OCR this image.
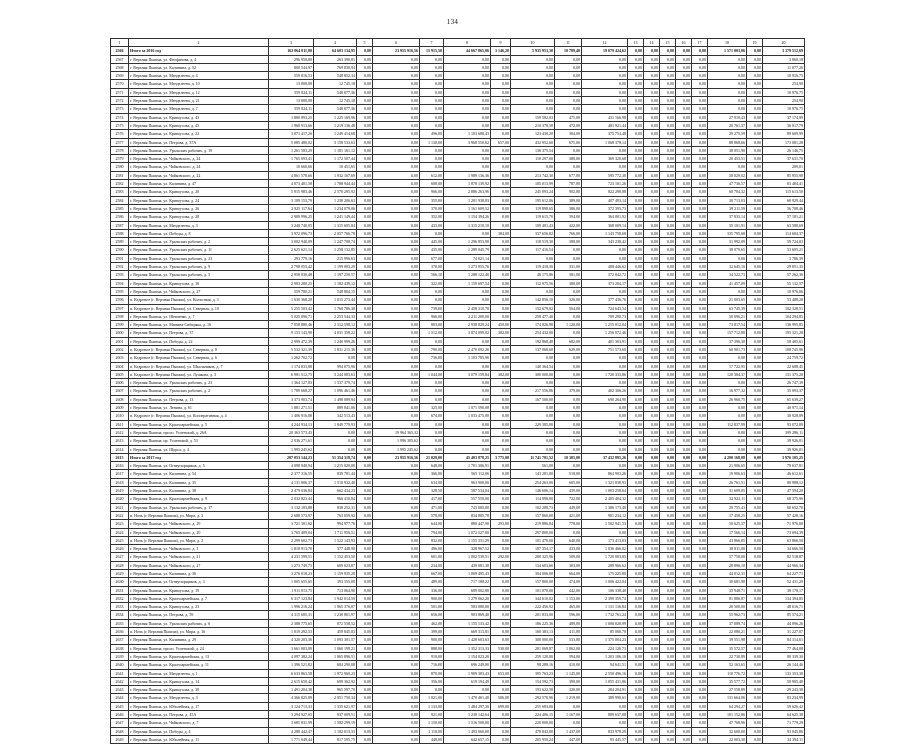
134
1	2	3	4	5	6	7	8	9	10	11	12	13	14	15	16	17	18	19	20
2566	Итого за 2016 год	162 064 011,80	64 603 134,95	0,00	23 955 916,56	15 915,50	44 667 865,06	3 146,20	5 935 953,30	10 789,40	19 079 424,62	0,00	0,00	0,00	0,00	0,00	1 571 003,06	0,00	3 379 512,69
2567	г. Верхняя Пышма, ул. Феофанова, д. 4	296 950,80	263 390,81	0,00	0,00	0,00	0,00	0,00	0,00	0,00	0,00	0,00	0,00	0,00	0,00	0,00	0,00	0,00	3 860,18
2568	г. Верхняя Пышма, ул. Калинина, д. 52	800 544,97	769 830,94	0,00	0,00	0,00	0,00	0,00	0,00	0,00	0,00	0,00	0,00	0,00	0,00	0,00	0,00	0,00	11 077,26
2569	г. Верхняя Пышма, ул. Менделеева, д. 4	559 016,53	548 852,34	0,00	0,00	0,00	0,00	0,00	0,00	0,00	0,00	0,00	0,00	0,00	0,00	0,00	0,00	0,00	10 916,75
2570	г. Верхняя Пышма, ул. Менделеева, д. 10	13 000,08	12 745,18	0,00	0,00	0,00	0,00	0,00	0,00	0,00	0,00	0,00	0,00	0,00	0,00	0,00	0,00	0,00	254,90
2571	г. Верхняя Пышма, ул. Менделеева, д. 12	559 824,11	548 877,36	0,00	0,00	0,00	0,00	0,00	0,00	0,00	0,00	0,00	0,00	0,00	0,00	0,00	0,00	0,00	10 976,75
2572	г. Верхняя Пышма, ул. Менделеева, д. 21	13 000,08	12 745,18	0,00	0,00	0,00	0,00	0,00	0,00	0,00	0,00	0,00	0,00	0,00	0,00	0,00	0,00	0,00	254,90
2573	г. Верхняя Пышма, ул. Менделеева, д. 7	559 824,11	548 877,36	0,00	0,00	0,00	0,00	0,00	0,00	0,00	0,00	0,00	0,00	0,00	0,00	0,00	0,00	0,00	10 976,75
2574	г. Верхняя Пышма, ул. Кривоусова, д. 43	1 880 893,25	1 225 169,96	0,00	0,00	0,00	0,00	0,00	159 582,03	475,00	431 166,98	0,00	0,00	0,00	0,00	0,00	27 910,43	0,00	37 174,99
2575	г. Верхняя Пышма, ул. Кривоусова, д. 45	1 968 913,66	1 219 136,48	0,00	0,00	0,00	0,00	0,00	210 378,58	472,00	481 921,44	0,00	0,00	0,00	0,00	0,00	20 761,37	0,00	36 017,79
2576	г. Верхняя Пышма, ул. Кривоусова, д. 22	3 071 417,26	1 249 414,68	0,00	0,00	496,00	1 103 688,43	0,00	123 430,20	384,00	375 754,48	0,00	0,00	0,00	0,00	0,00	29 275,59	0,00	89 609,99
2577	г. Верхняя Пышма, ул. Петрова, д. 37А	5 085 480,02	3 158 533,63	0,00	0,00	1 130,00	3 968 550,62	657,00	432 952,60	675,00	1 068 378,14	0,00	0,00	0,00	0,00	0,00	88 868,66	0,00	173 081,28
2578	г. Верхняя Пышма, ул. Уральских рабочих, д. 19	1 261 583,29	1 181 161,12	0,00	0,00	0,00	0,00	0,00	136 375,54	0,00	0,00	0,00	0,00	0,00	0,00	0,00	38 051,90	0,00	26 146,75
2579	г. Верхняя Пышма, ул. Чайковского, д. 24	1 765 093,41	1 172 507,44	0,00	0,00	0,00	0,00	0,00	110 297,00	380,00	369 320,68	0,00	0,00	0,00	0,00	0,00	20 453,51	0,00	37 631,70
2580	г. Верхняя Пышма, ул. Чайковского, д. 24	10 660,66	10 451,65	0,00	0,00	0,00	0,00	0,00	0,00	0,00	0,00	0,00	0,00	0,00	0,00	0,00	0,00	0,00	209,01
2581	г. Верхняя Пышма, ул. Чайковского, д. 22	4 861 578,66	1 932 167,69	0,00	0,00	612,00	1 989 136,36	0,00	213 742,30	677,00	595 772,30	0,00	0,00	0,00	0,00	0,00	50 029,02	0,00	85 955,90
2582	г. Верхняя Пышма, ул. Калинина, д. 47	4 073 401,58	1 788 944,44	0,00	0,00	608,00	1 878 139,92	0,00	105 013,99	787,00	723 101,26	0,00	0,00	0,00	0,00	0,00	47 736,57	0,00	83 484,41
2583	г. Верхняя Пышма, ул. Кривоусова, д. 20	5 915 983,46	2 570 295,92	0,00	0,00	966,00	2 886 263,96	0,00	245 093,24	902,00	822 298,88	0,00	0,00	0,00	0,00	0,00	60 704,32	0,00	115 613,50
2584	г. Верхняя Пышма, ул. Кривоусова, д. 24	3 109 153,79	1 238 206,63	0,00	0,00	355,00	1 201 938,83	0,00	195 612,06	389,00	407 493,14	0,00	0,00	0,00	0,00	0,00	30 713,03	0,00	60 929,44
2585	г. Верхняя Пышма, ул. Кривоусова, д. 26	2 925 117,64	1 234 079,06	0,00	0,00	370,00	1 161 609,52	0,00	119 898,65	386,00	372 395,73	0,00	0,00	0,00	0,00	0,00	39 211,59	0,00	56 708,46
2586	г. Верхняя Пышма, ул. Кривоусова, д. 28	2 909 996,25	1 241 149,44	0,00	0,00	352,00	1 154 394,26	0,00	119 615,70	394,00	364 001,92	0,00	0,00	0,00	0,00	0,00	37 833,14	0,00	57 181,21
2587	г. Верхняя Пышма, ул. Менделеева, д. 3	3 240 740,05	1 315 605,84	0,00	0,00	433,00	1 315 210,10	0,00	109 401,43	422,00	368 009,14	0,00	0,00	0,00	0,00	0,00	35 101,91	0,00	63 588,69
2588	г. Верхняя Пышма, ул. Победы, д. 8	3 972 096,73	2 057 766,78	0,00	0,00	0,00	0,00	384,00	337 656,82	766,00	1 143 758,68	0,00	0,00	0,00	0,00	0,00	335 795,68	0,00	114 684,37
2589	г. Верхняя Пышма, ул. Уральских рабочих, д. 2	3 002 940,09	1 247 708,74	0,00	0,00	445,00	1 296 853,90	0,00	118 519,30	388,00	343 238,42	0,00	0,00	0,00	0,00	0,00	31 992,09	0,00	59 724,03
2590	г. Верхняя Пышма, ул. Уральских рабочих, д. 11	2 625 621,14	1 258 132,85	0,00	0,00	435,00	1 289 045,79	0,00	117 416,54	0,00	0,00	0,00	0,00	0,00	0,00	0,00	38 079,65	0,00	53 605,21
2591	г. Верхняя Пышма, ул. Уральских рабочих, д. 23	293 779,16	215 996,63	0,00	0,00	677,00	74 021,14	0,00	0,00	0,00	0,00	0,00	0,00	0,00	0,00	0,00	0,00	0,00	3 786,39
2592	г. Верхняя Пышма, ул. Уральских рабочих, д. 9	2 798 053,42	1 199 003,29	0,00	0,00	370,00	1 273 955,76	0,00	119 418,30	331,00	408 446,62	0,00	0,00	0,00	0,00	0,00	32 645,10	0,00	29 851,35
2593	г. Верхняя Пышма, ул. Уральских рабочих, д. 5	2 958 030,48	1 197 250,57	0,00	0,00	566,10	1 288 122,40	0,00	46 175,86	381,00	372 842,72	0,00	0,00	0,00	0,00	0,00	34 522,73	0,00	57 262,36
2594	г. Верхняя Пышма, ул. Кривоусова, д. 16	2 903 280,25	1 182 439,12	0,00	0,00	322,00	1 159 697,54	0,00	112 975,56	380,00	373 204,17	0,00	0,00	0,00	0,00	0,00	41 457,09	0,00	55 132,57
2595	г. Верхняя Пышма, ул. Чайковского, д. 27	559 780,21	548 804,15	0,00	0,00	0,00	0,00	0,00	0,00	0,00	0,00	0,00	0,00	0,00	0,00	0,00	0,00	0,00	10 976,06
2596	п. Кедровое (г. Верхняя Пышма), ул. Колхозная, д. 3	1 630 368,28	1 015 273,44	0,00	0,00	0,00	0,00	0,00	142 856,10	326,00	377 436,76	0,00	0,00	0,00	0,00	0,00	21 003,65	0,00	53 488,20
2597	п. Кедровое (г. Верхняя Пышма), ул. Северная, д. 10	5 255 503,42	1 760 786,38	0,00	0,00	739,00	2 458 310,78	0,00	152 679,02	564,00	724 643,54	0,00	0,00	0,00	0,00	0,00	63 745,39	0,00	102 328,51
2598	г. Верхняя Пышма, ул. Шевченко, д. 7	5 025 096,71	2 253 544,33	0,00	0,00	966,00	2 211 200,00	0,00	258 477,40	0,00	709 290,73	0,00	0,00	0,00	0,00	0,00	50 696,21	0,00	104 294,85
2599	г. Верхняя Пышма, ул. Мамина-Сибиряка, д. 16	7 058 880,46	2 312 598,12	0,00	0,00	803,00	2 938 829,24	450,00	174 826,98	1 120,00	1 215 012,04	0,00	0,00	0,00	0,00	0,00	73 817,54	0,00	136 995,85
2600	г. Верхняя Пышма, ул. Петрова, д. 37	9 153 143,90	4 031 358,22	0,00	0,00	1 512,00	3 874 099,02	302,00	254 432,00	0,00	1 256 072,46	0,00	0,00	0,00	0,00	0,00	157 712,88	0,00	195 321,28
2601	г. Верхняя Пышма, ул. Победы, д. 22	2 999 472,39	1 240 999,26	0,00	0,00	0,00	0,00	0,00	192 868,48	682,00	401 303,91	0,00	0,00	0,00	0,00	0,00	37 396,30	0,00	58 405,61
2602	п. Кедровое (г. Верхняя Пышма), ул. Северная, д. 8	5 532 321,39	1 831 215,36	0,00	0,00	790,00	2 470 092,26	0,00	137 068,60	629,00	751 573,60	0,00	0,00	0,00	0,00	0,00	60 901,73	0,00	108 745,96
2603	п. Кедровое (г. Верхняя Пышма), ул. Северная, д. 6	1 262 702,72	0,00	0,00	0,00	736,00	1 103 785,96	0,00	0,00	0,00	0,00	0,00	0,00	0,00	0,00	0,00	0,00	0,00	24 759,72
2604	п. Кедровое (г. Верхняя Пышма), ул. Школьников, д. 7	1 174 833,88	994 075,96	0,00	0,00	0,00	0,00	0,00	140 364,54	0,00	0,00	0,00	0,00	0,00	0,00	0,00	17 722,95	0,00	22 688,45
2605	п. Кедровое (г. Верхняя Пышма), ул. Лушкова, д. 3	6 981 512,75	3 244 083,63	0,00	0,00	1 044,00	3 079 159,84	302,00	300 000,00	0,00	1 720 333,86	0,00	0,00	0,00	0,00	0,00	120 384,37	0,00	131 375,20
2606	г. Верхняя Пышма, ул. Уральских рабочих, д. 23	1 364 127,83	1 337 379,74	0,00	0,00	0,00	0,00	0,00	0,00	0,00	0,00	0,00	0,00	0,00	0,00	0,00	0,00	0,00	26 747,39
2607	г. Верхняя Пышма, ул. Уральских рабочих, д. 2	1 789 668,27	1 096 461,46	0,00	0,00	0,00	0,00	0,00	217 556,86	379,00	402 306,26	0,00	0,00	0,00	0,00	0,00	16 977,32	0,00	35 093,37
2608	г. Верхняя Пышма, ул. Петрова, д. 13	3 373 903,74	1 498 089,94	0,00	0,00	0,00	0,00	0,00	167 500,00	0,00	690 264,90	0,00	0,00	0,00	0,00	0,00	26 960,75	0,00	65 639,27
2609	г. Верхняя Пышма, ул. Ленина, д. 61	1 881 271,51	889 841,06	0,00	0,00	325,00	1 071 590,08	0,00	0,00	0,00	0,00	0,00	0,00	0,00	0,00	0,00	0,00	0,00	40 971,14
2610	п. Кедровое (г. Верхняя Пышма), ул. Кооперативная, д. 4	1 406 916,88	342 513,43	0,00	0,00	674,00	1 033 475,00	0,00	0,00	0,00	0,00	0,00	0,00	0,00	0,00	0,00	0,00	0,00	30 928,89
2611	г. Верхняя Пышма, ул. Красноармейская, д. 5	4 244 934,13	1 849 779,93	0,00	0,00	0,00	0,00	0,00	229 385,00	0,00	0,00	0,00	0,00	0,00	0,00	0,00	112 837,99	0,00	93 072,09
2612	г. Верхняя Пышма, просп. Успенский, д. 26А	20 363 573,43	0,00	0,00	19 964 365,32	0,00	0,00	0,00	0,00	0,00	0,00	0,00	0,00	0,00	0,00	0,00	0,00	0,00	399 286,11
2613	г. Верхняя Пышма, пр. Успенский, д. 53	2 036 271,61	0,00	0,00	1 996 305,62	0,00	0,00	0,00	0,00	0,00	0,00	0,00	0,00	0,00	0,00	0,00	0,00	0,00	39 926,01
2614	г. Верхняя Пышма, ул. Щорса, д. 4	1 995 245,62	0,00	0,00	1 995 245,62	0,00	0,00	0,00	0,00	0,00	0,00	0,00	0,00	0,00	0,00	0,00	0,00	0,00	39 926,01
2615	Итого за 2017 год	207 053 144,23	51 354 318,74	0,00	23 955 916,56	21 029,00	45 403 878,25	3 775,00	11 741 701,52	10 305,00	37 432 895,26	0,00	0,00	0,00	0,00	0,00	4 200 168,08	0,00	3 976 105,25
2616	г. Верхняя Пышма, ул. Огнеупорщиков, д. 5	4 098 940,94	1 215 020,00	0,00	0,00	648,00	1 701 306,91	0,00	561,00	0,00	0,00	0,00	0,00	0,00	0,00	0,00	21 906,65	0,00	79 637,81
2617	г. Верхняя Пышма, ул. Калинина, д. 54	2 377 316,55	839 781,44	0,00	0,00	366,00	565 112,06	0,00	143 281,00	518,00	864 903,26	0,00	0,00	0,00	0,00	0,00	19 906,63	0,00	46 612,61
2618	г. Верхняя Пышма, ул. Калинина, д. 35	4 131 806,37	1 510 932,48	0,00	0,00	634,00	963 900,00	0,00	254 263,00	605,00	1 321 038,93	0,00	0,00	0,00	0,00	0,00	26 761,51	0,00	80 988,12
2619	г. Верхняя Пышма, ул. Калинина, д. 38	2 479 036,84	662 434,23	0,00	0,00	328,50	587 534,04	0,00	146 606,14	439,00	1 003 258,64	0,00	0,00	0,00	0,00	0,00	31 609,05	0,00	47 594,20
2620	г. Верхняя Пышма, ул. Красноармейская, д. 9	2 032 823,44	966 410,84	0,00	0,00	417,00	557 550,00	0,00	114 096,00	722,00	2 405 404,32	0,00	0,00	0,00	0,00	0,00	32 922,11	0,00	68 375,96
2621	г. Верхняя Пышма, ул. Уральских рабочих, д. 17	3 132 183,88	838 252,31	0,00	0,00	471,00	743 085,00	0,00	102 280,73	449,00	1 386 173,40	0,00	0,00	0,00	0,00	0,00	29 755,43	0,00	60 652,70
2622	п. Ночь (г. Верхняя Пышма), ул. Мира, д. 3	2 688 573,97	763 059,92	0,00	0,00	578,00	834 885,78	0,00	157 860,00	421,00	901 234,12	0,00	0,00	0,00	0,00	0,00	17 458,25	0,00	57 428,16
2623	г. Верхняя Пышма, ул. Чайковского, д. 29	3 721 301,62	994 977,76	0,00	0,00	644,00	880 447,90	293,00	219 886,84	778,00	1 502 941,53	0,00	0,00	0,00	0,00	0,00	50 625,37	0,00	71 976,00
2624	г. Верхняя Пышма, ул. Чайковского, д. 20	3 765 409,04	1 711 956,51	0,00	0,00	794,00	1 072 527,00	0,00	297 800,00	0,00	0,00	0,00	0,00	0,00	0,00	0,00	17 566,14	0,00	73 694,39
2625	п. Ночь (г. Верхняя Пышма), ул. Мира, д. 2	2 299 602,73	1 522 143,93	0,00	0,00	832,00	1 155 331,29	0,00	101 470,00	640,00	173 413,03	0,00	0,00	0,00	0,00	0,00	43 866,05	0,00	63 866,50
2626	г. Верхняя Пышма, ул. Чайковского, д. 1	1 810 913,70	377 448,90	0,00	0,00	496,00	328 967,52	0,00	187 354,17	433,00	1 036 466,02	0,00	0,00	0,00	0,00	0,00	38 811,00	0,00	34 666,50
2627	г. Верхняя Пышма, ул. Чайковского, д. 21	4 231 599,51	1 152 453,50	0,00	0,00	601,00	1 002 539,51	292,00	200 325,96	509,00	1 720 003,85	0,00	0,00	0,00	0,00	0,00	57 750,00	0,00	82 518,87
2628	г. Верхняя Пышма, ул. Чайковского, д. 27	1 273 749,75	609 023,87	0,00	0,00	234,00	439 081,38	0,00	134 603,66	303,00	289 966,62	0,00	0,00	0,00	0,00	0,00	28 896,10	0,00	44 966,34
2629	г. Верхняя Пышма, ул. Калинина, д. 36	3 276 018,23	1 159 935,20	0,00	0,00	667,00	1 009 495,43	0,00	304 006,00	664,00	175 225,80	0,00	0,00	0,00	0,00	0,00	44 012,31	0,00	64 227,71
2630	г. Верхняя Пышма, ул. Огнеупорщиков, д. 3	1 005 655,65	393 355,00	0,00	0,00	489,00	717 188,22	0,00	157 800,00	474,00	1 006 422,04	0,00	0,00	0,00	0,00	0,00	30 681,98	0,00	52 431,29
2631	г. Верхняя Пышма, ул. Кривоусова, д. 19	1 911 013,75	713 064,90	0,00	0,00	336,00	689 002,80	0,00	101 070,00	442,00	106 338,40	0,00	0,00	0,00	0,00	0,00	35 948,71	0,00	38 178,17
2632	г. Верхняя Пышма, ул. Красноармейская, д. 7	6 317 123,84	1 942 014,59	0,00	0,00	900,00	1 279 062,20	0,00	344 610,02	1 153,00	2 399 359,74	0,00	0,00	0,00	0,00	0,00	81 886,87	0,00	134 394,85
2633	г. Верхняя Пышма, ул. Кривоусова, д. 23	1 996 216,24	1 065 376,07	0,00	0,00	501,00	583 080,00	0,00	222 456,92	465,00	1 131 136,84	0,00	0,00	0,00	0,00	0,00	20 500,00	0,00	48 616,71
2634	г. Верхняя Пышма, ул. Петрова, д. 59	4 315 685,31	1 230 801,97	0,00	0,00	656,00	903 869,40	0,00	201 833,00	596,00	1 732 761,24	0,00	0,00	0,00	0,00	0,00	55 962,73	0,00	85 574,21
2635	г. Верхняя Пышма, ул. Уральских рабочих, д. 6	2 388 775,65	872 558,52	0,00	0,00	462,00	1 155 133,42	0,00	186 225,36	489,00	1 000 020,99	0,00	0,00	0,00	0,00	0,00	37 089,74	0,00	44 896,26
2636	п. Ночь (г. Верхняя Пышма), ул. Мира, д. 16	1 019 292,53	459 845,03	0,00	0,00	399,00	669 313,81	0,00	160 383,13	411,00	85 000,70	0,00	0,00	0,00	0,00	0,00	22 080,21	0,00	31 227,07
2637	г. Верхняя Пышма, ул. Калинина, д. 29	4 320 203,36	1 093 301,57	0,00	0,00	900,00	1 428 603,63	0,00	300 000,00	533,00	1 375 004,23	0,00	0,00	0,00	0,00	0,00	39 551,98	0,00	84 314,61
2638	г. Верхняя Пышма, просп. Успенский, д. 24	3 661 003,09	1 060 199,21	0,00	0,00	888,00	1 352 313,33	530,00	201 069,87	1 062,00	224 126,73	0,00	0,00	0,00	0,00	0,00	35 572,57	0,00	77 464,08
2639	г. Верхняя Пышма, ул. Красноармейская, д. 13	4 097 382,24	1 065 896,51	0,00	0,00	910,00	1 154 023,20	0,00	259 120,00	594,00	1 203 106,10	0,00	0,00	0,00	0,00	0,00	22 730,89	0,00	80 339,30
2640	г. Верхняя Пышма, ул. Красноармейская, д. 11	1 396 521,82	684 290,08	0,00	0,00	716,00	696 249,00	0,00	98 288,16	410,00	94 641,51	0,00	0,00	0,00	0,00	0,00	52 163,65	0,00	26 144,46
2641	г. Верхняя Пышма, ул. Менделеева, д. 1	6 633 863,58	1 972 960,23	0,00	0,00	870,00	1 909 383,43	653,00	395 763,23	1 145,00	2 550 496,16	0,00	0,00	0,00	0,00	0,00	110 776,72	0,00	133 353,30
2642	г. Верхняя Пышма, ул. Кривоусова, д. 14	2 615 650,42	699 362,92	0,00	0,00	356,00	619 194,49	0,00	154 592,73	390,00	1 055 431,86	0,00	0,00	0,00	0,00	0,00	35 577,72	0,00	50 905,40
2643	г. Верхняя Пышма, ул. Кривоусова, д. 30	1 491 204,38	965 597,70	0,00	0,00	0,00	0,00	0,00	193 622,58	320,00	284 204,91	0,00	0,00	0,00	0,00	0,00	27 558,89	0,00	29 243,30
2644	г. Верхняя Пышма, ул. Менделеева, д. 3	4 366 825,89	2 051 750,34	0,00	0,00	1 021,00	1 470 461,40	506,00	292 570,96	1 219,00	389 990,61	0,00	0,00	0,00	0,00	0,00	131 664,06	0,00	83 234,99
2645	г. Верхняя Пышма, ул. Юбилейная, д. 17	3 124 713,33	1 335 621,97	0,00	0,00	1 133,00	1 484 297,30	699,00	255 683,00	0,00	0,00	0,00	0,00	0,00	0,00	0,00	64 294,27	0,00	59 626,42
2646	г. Верхняя Пышма, ул. Петрова, д. 45А	3 294 927,65	937 009,51	0,00	0,00	921,00	1 230 142,64	0,00	224 406,15	1 167,00	809 637,08	0,00	0,00	0,00	0,00	0,00	101 152,86	0,00	64 625,38
2647	г. Верхняя Пышма, ул. Чайковского, д. 7	3 685 831,99	1 582 299,19	0,00	0,00	1 150,00	1 516 500,00	0,00	220 000,00	0,00	0,00	0,00	0,00	0,00	0,00	0,00	47 768,96	0,00	71 779,29
2648	г. Верхняя Пышма, ул. Победы, д. 4	4 288 442,47	1 102 013,33	0,00	0,00	1 110,00	1 493 060,00	0,00	478 843,00	1 437,00	833 978,29	0,00	0,00	0,00	0,00	0,00	32 600,00	0,00	93 045,86
2649	г. Верхняя Пышма, ул. Юбилейная, д. 11	1 771 049,44	817 595,75	0,00	0,00	448,00	642 657,15	0,00	205 950,24	447,00	93 445,57	0,00	0,00	0,00	0,00	0,00	22 003,30	0,00	34 394,11
